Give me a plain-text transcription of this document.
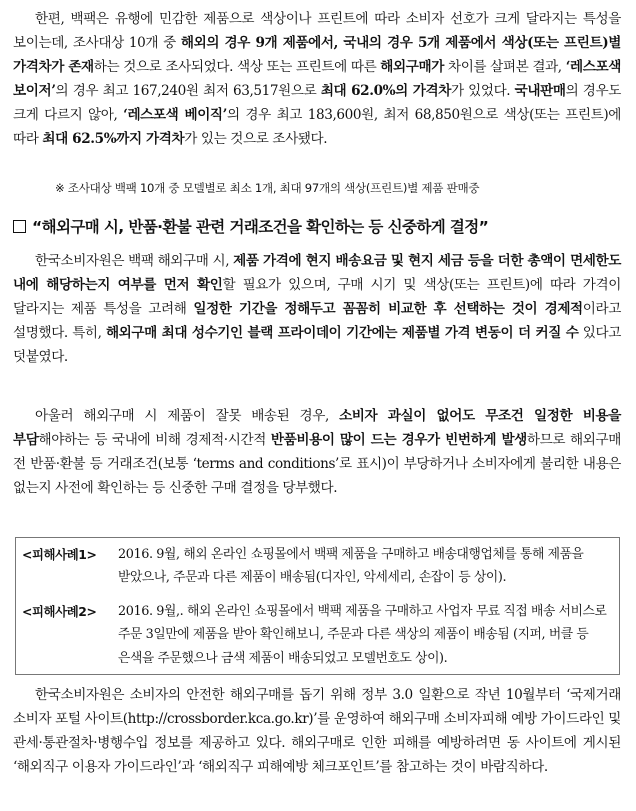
한편, 백팩은 유행에 민감한 제품으로 색상이나 프린트에 따라 소비자 선호가 크게 달라지는 특성을 보이는데, 조사대상 10개 중 해외의 경우 9개 제품에서, 국내의 경우 5개 제품에서 색상(또는 프린트)별 가격차가 존재하는 것으로 조사되었다. 색상 또는 프린트에 따른 해외구매가 차이를 살펴본 결과, ‘레스포색 보이저’의 경우 최고 167,240원 최저 63,517원으로 최대 62.0%의 가격차가 있었다. 국내판매의 경우도 크게 다르지 않아, ‘레스포색 베이직’의 경우 최고 183,600원, 최저 68,850원으로 색상(또는 프린트)에 따라 최대 62.5%까지 가격차가 있는 것으로 조사됐다.

※ 조사대상 백팩 10개 중 모델별로 최소 1개, 최대 97개의 색상(프린트)별 제품 판매중
“해외구매 시, 반품·환불 관련 거래조건을 확인하는 등 신중하게 결정”

한국소비자원은 백팩 해외구매 시, 제품 가격에 현지 배송요금 및 현지 세금 등을 더한 총액이 면세한도 내에 해당하는지 여부를 먼저 확인할 필요가 있으며, 구매 시기 및 색상(또는 프린트)에 따라 가격이 달라지는 제품 특성을 고려해 일정한 기간을 정해두고 꼼꼼히 비교한 후 선택하는 것이 경제적이라고 설명했다. 특히, 해외구매 최대 성수기인 블랙 프라이데이 기간에는 제품별 가격 변동이 더 커질 수 있다고 덧붙였다.

아울러 해외구매 시 제품이 잘못 배송된 경우, 소비자 과실이 없어도 무조건 일정한 비용을 부담해야하는 등 국내에 비해 경제적·시간적 반품비용이 많이 드는 경우가 빈번하게 발생하므로 해외구매 전 반품·환불 등 거래조건(보통 ‘terms and conditions’로 표시)이 부당하거나 소비자에게 불리한 내용은 없는지 사전에 확인하는 등 신중한 구매 결정을 당부했다.

<피해사례1> 2016. 9월, 해외 온라인 쇼핑몰에서 백팩 제품을 구매하고 배송대행업체를 통해 제품을 받았으나, 주문과 다른 제품이 배송됨(디자인, 악세세리, 손잡이 등 상이).
<피해사례2> 2016. 9월,. 해외 온라인 쇼핑몰에서 백팩 제품을 구매하고 사업자 무료 직접 배송 서비스로 주문 3일만에 제품을 받아 확인해보니, 주문과 다른 색상의 제품이 배송됨 (지퍼, 버클 등 은색을 주문했으나 금색 제품이 배송되었고 모델번호도 상이).

한국소비자원은 소비자의 안전한 해외구매를 돕기 위해 정부 3.0 일환으로 작년 10월부터 ‘국제거래 소비자 포털 사이트(http://crossborder.kca.go.kr)’를 운영하여 해외구매 소비자피해 예방 가이드라인 및 관세·통관절차·병행수입 정보를 제공하고 있다. 해외구매로 인한 피해를 예방하려면 동 사이트에 게시된 ‘해외직구 이용자 가이드라인’과 ‘해외직구 피해예방 체크포인트’를 참고하는 것이 바람직하다.
